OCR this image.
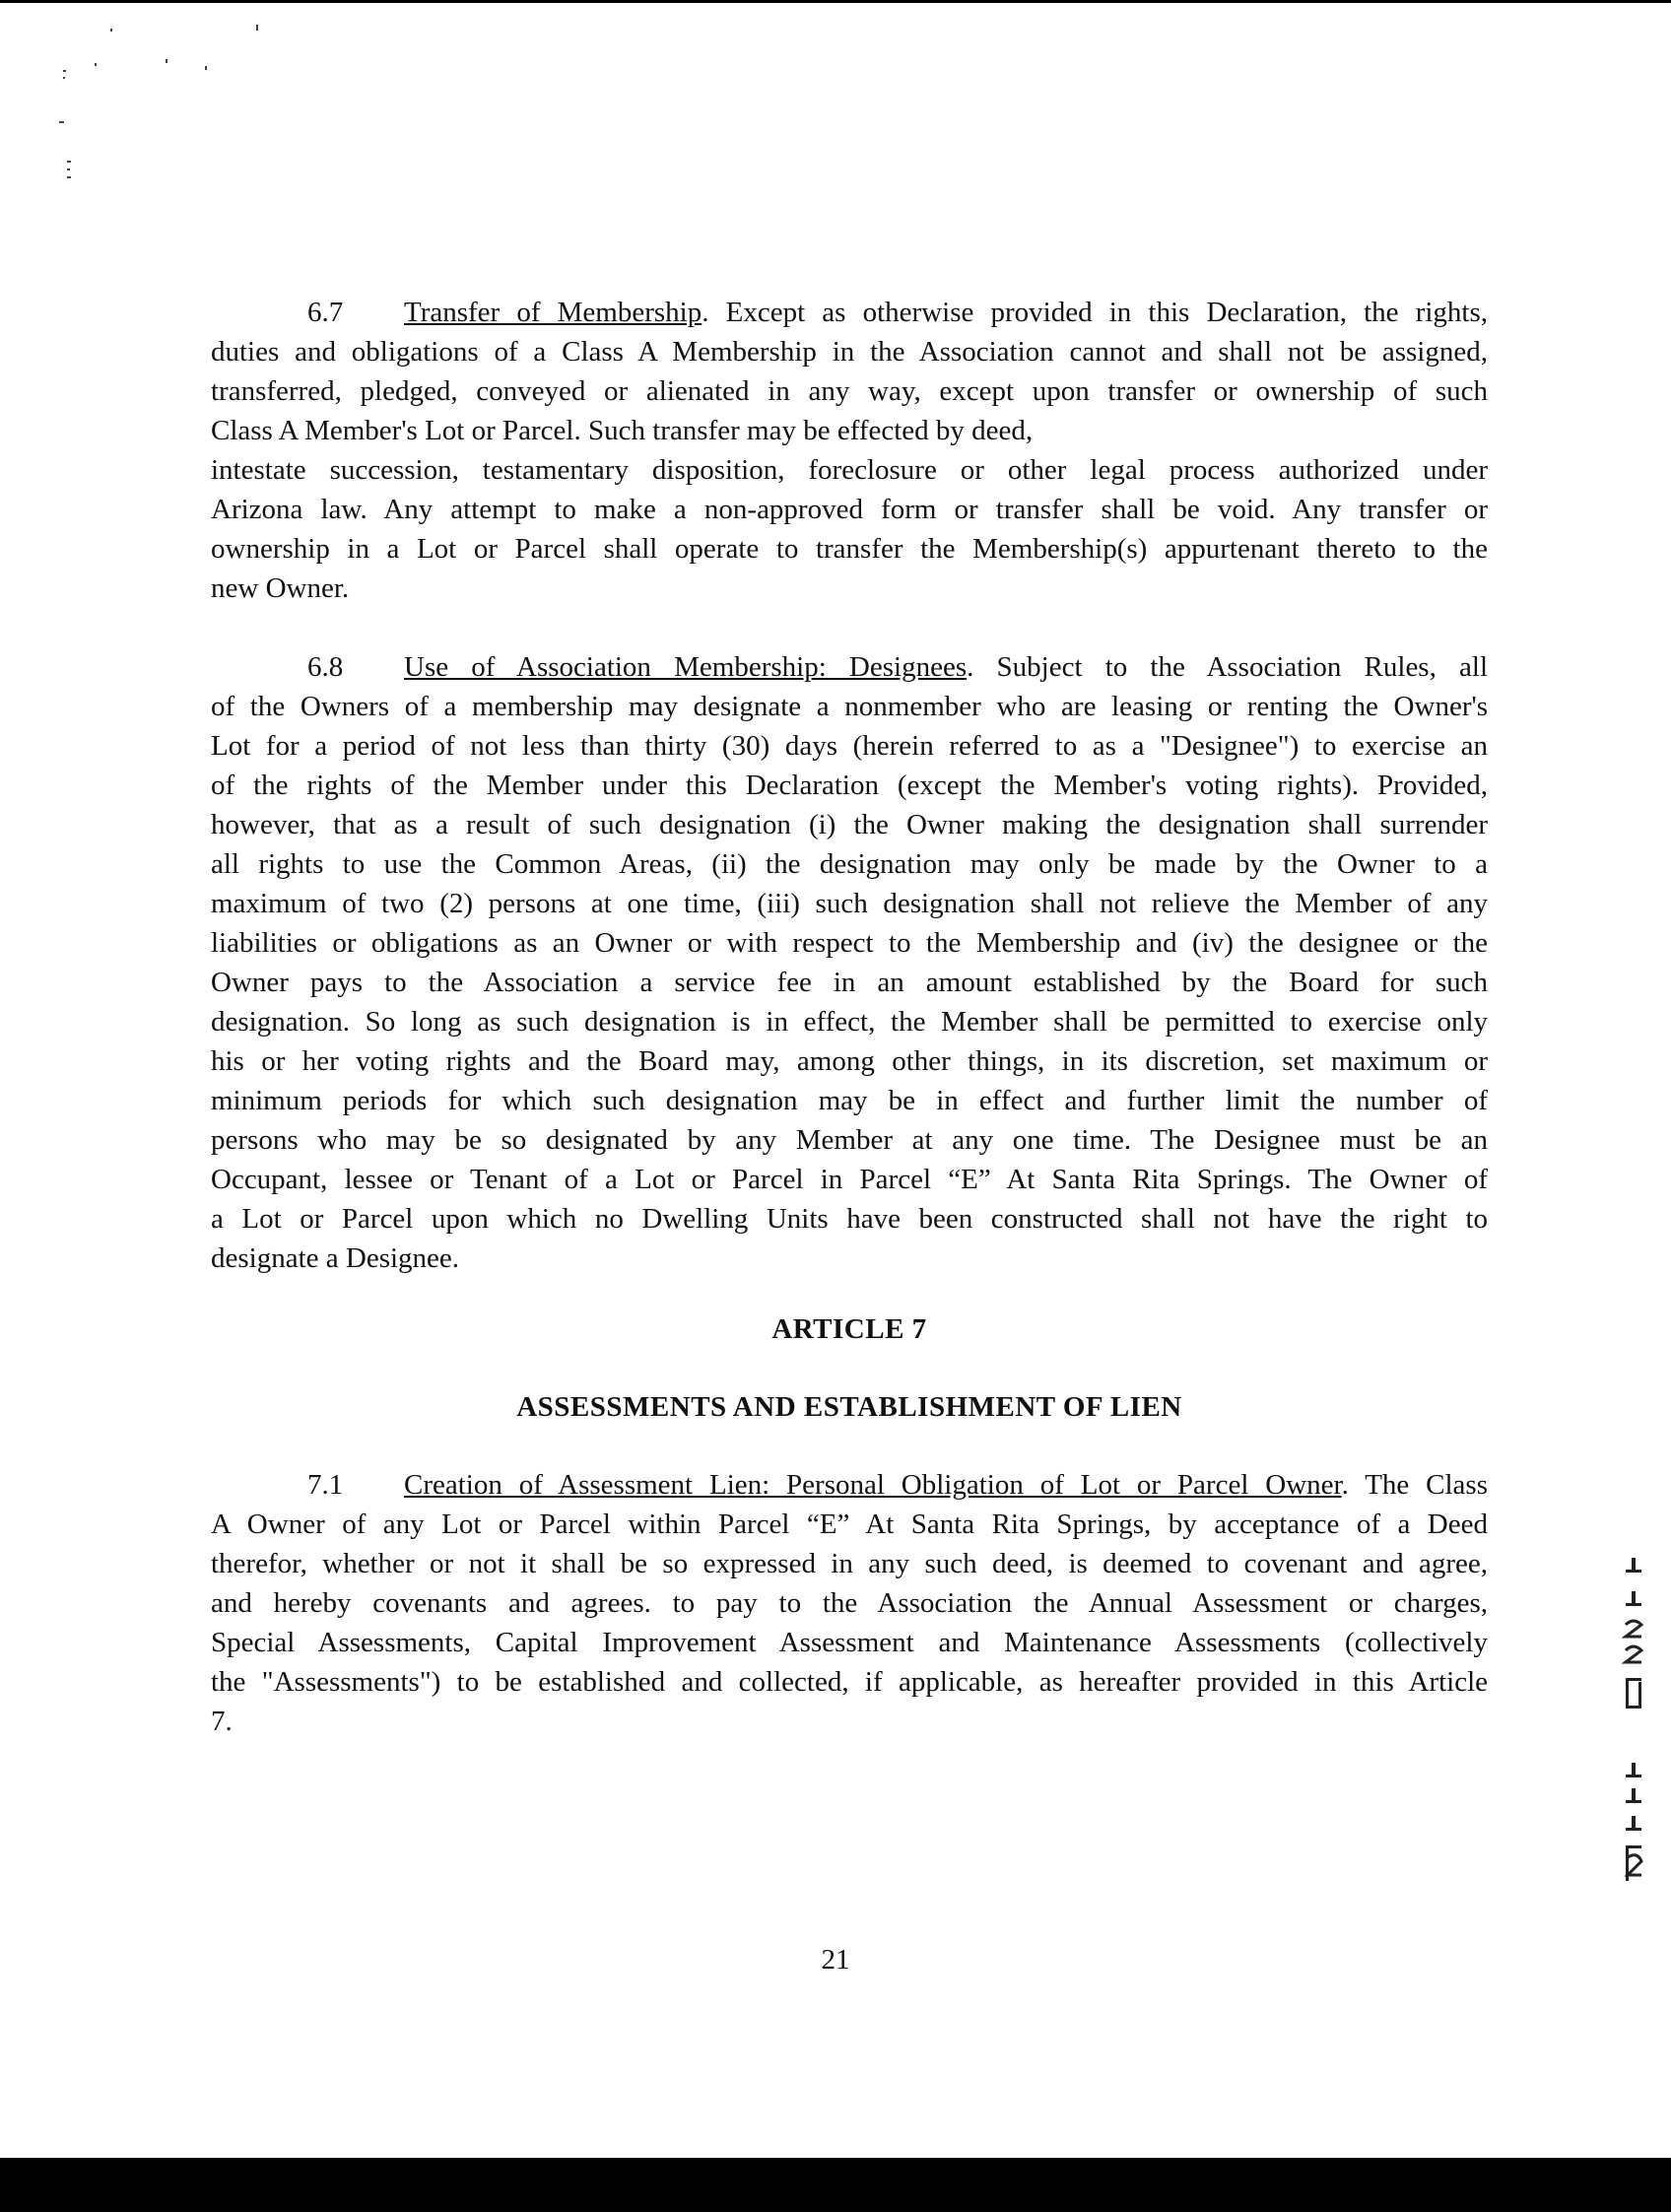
6.7 Transfer of Membership. Except as otherwise provided in this Declaration, the rights,
duties and obligations of a Class A Membership in the Association cannot and shall not be assigned,
transferred, pledged, conveyed or alienated in any way, except upon transfer or ownership of such
Class A Member's Lot or Parcel. Such transfer may be effected by deed,
intestate succession, testamentary disposition, foreclosure or other legal process authorized under
Arizona law. Any attempt to make a non-approved form or transfer shall be void. Any transfer or
ownership in a Lot or Parcel shall operate to transfer the Membership(s) appurtenant thereto to the
new Owner.
6.8 Use of Association Membership: Designees. Subject to the Association Rules, all
of the Owners of a membership may designate a nonmember who are leasing or renting the Owner's
Lot for a period of not less than thirty (30) days (herein referred to as a "Designee") to exercise an
of the rights of the Member under this Declaration (except the Member's voting rights). Provided,
however, that as a result of such designation (i) the Owner making the designation shall surrender
all rights to use the Common Areas, (ii) the designation may only be made by the Owner to a
maximum of two (2) persons at one time, (iii) such designation shall not relieve the Member of any
liabilities or obligations as an Owner or with respect to the Membership and (iv) the designee or the
Owner pays to the Association a service fee in an amount established by the Board for such
designation. So long as such designation is in effect, the Member shall be permitted to exercise only
his or her voting rights and the Board may, among other things, in its discretion, set maximum or
minimum periods for which such designation may be in effect and further limit the number of
persons who may be so designated by any Member at any one time. The Designee must be an
Occupant, lessee or Tenant of a Lot or Parcel in Parcel “E” At Santa Rita Springs. The Owner of
a Lot or Parcel upon which no Dwelling Units have been constructed shall not have the right to
designate a Designee.
ARTICLE 7
ASSESSMENTS AND ESTABLISHMENT OF LIEN
7.1 Creation of Assessment Lien: Personal Obligation of Lot or Parcel Owner. The Class
A Owner of any Lot or Parcel within Parcel “E” At Santa Rita Springs, by acceptance of a Deed
therefor, whether or not it shall be so expressed in any such deed, is deemed to covenant and agree,
and hereby covenants and agrees. to pay to the Association the Annual Assessment or charges,
Special Assessments, Capital Improvement Assessment and Maintenance Assessments (collectively
the "Assessments") to be established and collected, if applicable, as hereafter provided in this Article
7.
21
